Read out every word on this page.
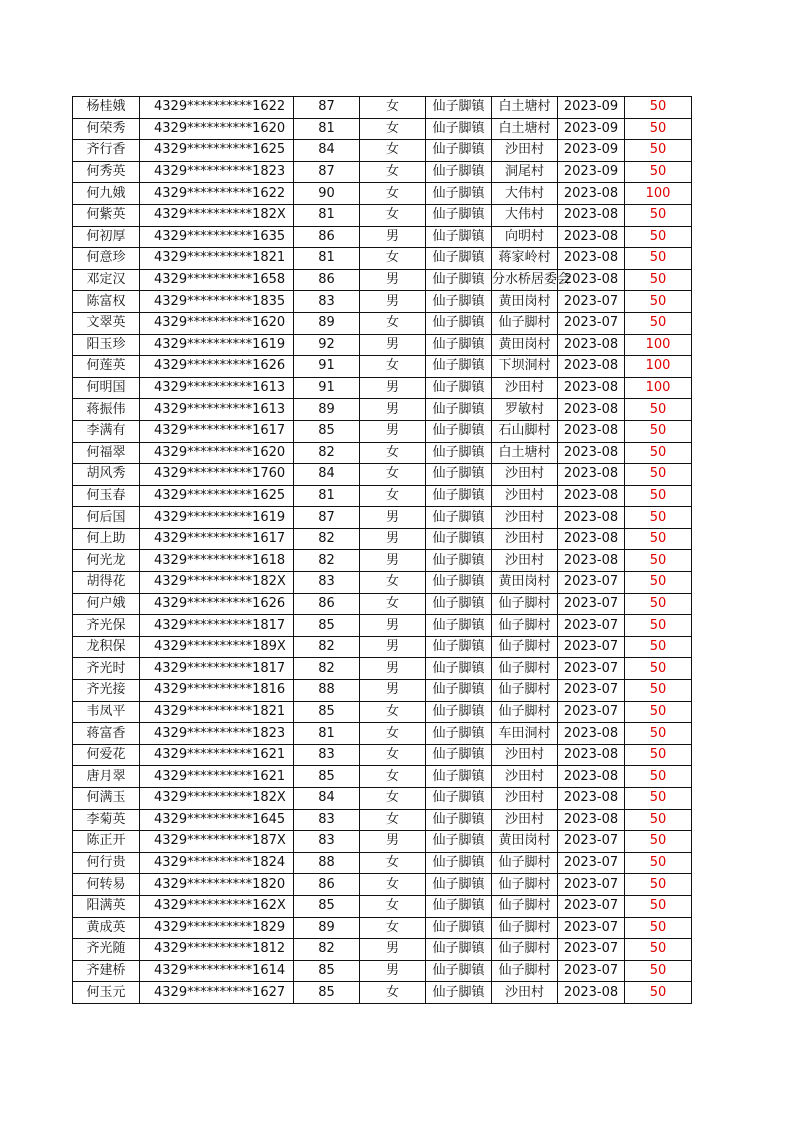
杨桂娥	4329**********1622	87	女	仙子脚镇	白土塘村	2023-09	50
何荣秀	4329**********1620	81	女	仙子脚镇	白土塘村	2023-09	50
齐行香	4329**********1625	84	女	仙子脚镇	沙田村	2023-09	50
何秀英	4329**********1823	87	女	仙子脚镇	洞尾村	2023-09	50
何九娥	4329**********1622	90	女	仙子脚镇	大伟村	2023-08	100
何紫英	4329**********182X	81	女	仙子脚镇	大伟村	2023-08	50
何初厚	4329**********1635	86	男	仙子脚镇	向明村	2023-08	50
何意珍	4329**********1821	81	女	仙子脚镇	蒋家岭村	2023-08	50
邓定汉	4329**********1658	86	男	仙子脚镇	分水桥居委会	2023-08	50
陈富权	4329**********1835	83	男	仙子脚镇	黄田岗村	2023-07	50
文翠英	4329**********1620	89	女	仙子脚镇	仙子脚村	2023-07	50
阳玉珍	4329**********1619	92	男	仙子脚镇	黄田岗村	2023-08	100
何莲英	4329**********1626	91	女	仙子脚镇	下坝洞村	2023-08	100
何明国	4329**********1613	91	男	仙子脚镇	沙田村	2023-08	100
蒋振伟	4329**********1613	89	男	仙子脚镇	罗敏村	2023-08	50
李满有	4329**********1617	85	男	仙子脚镇	石山脚村	2023-08	50
何福翠	4329**********1620	82	女	仙子脚镇	白土塘村	2023-08	50
胡风秀	4329**********1760	84	女	仙子脚镇	沙田村	2023-08	50
何玉春	4329**********1625	81	女	仙子脚镇	沙田村	2023-08	50
何后国	4329**********1619	87	男	仙子脚镇	沙田村	2023-08	50
何上助	4329**********1617	82	男	仙子脚镇	沙田村	2023-08	50
何光龙	4329**********1618	82	男	仙子脚镇	沙田村	2023-08	50
胡得花	4329**********182X	83	女	仙子脚镇	黄田岗村	2023-07	50
何户娥	4329**********1626	86	女	仙子脚镇	仙子脚村	2023-07	50
齐光保	4329**********1817	85	男	仙子脚镇	仙子脚村	2023-07	50
龙积保	4329**********189X	82	男	仙子脚镇	仙子脚村	2023-07	50
齐光时	4329**********1817	82	男	仙子脚镇	仙子脚村	2023-07	50
齐光接	4329**********1816	88	男	仙子脚镇	仙子脚村	2023-07	50
韦凤平	4329**********1821	85	女	仙子脚镇	仙子脚村	2023-07	50
蒋富香	4329**********1823	81	女	仙子脚镇	车田洞村	2023-08	50
何爱花	4329**********1621	83	女	仙子脚镇	沙田村	2023-08	50
唐月翠	4329**********1621	85	女	仙子脚镇	沙田村	2023-08	50
何满玉	4329**********182X	84	女	仙子脚镇	沙田村	2023-08	50
李菊英	4329**********1645	83	女	仙子脚镇	沙田村	2023-08	50
陈正开	4329**********187X	83	男	仙子脚镇	黄田岗村	2023-07	50
何行贵	4329**********1824	88	女	仙子脚镇	仙子脚村	2023-07	50
何转易	4329**********1820	86	女	仙子脚镇	仙子脚村	2023-07	50
阳满英	4329**********162X	85	女	仙子脚镇	仙子脚村	2023-07	50
黄成英	4329**********1829	89	女	仙子脚镇	仙子脚村	2023-07	50
齐光随	4329**********1812	82	男	仙子脚镇	仙子脚村	2023-07	50
齐建桥	4329**********1614	85	男	仙子脚镇	仙子脚村	2023-07	50
何玉元	4329**********1627	85	女	仙子脚镇	沙田村	2023-08	50
